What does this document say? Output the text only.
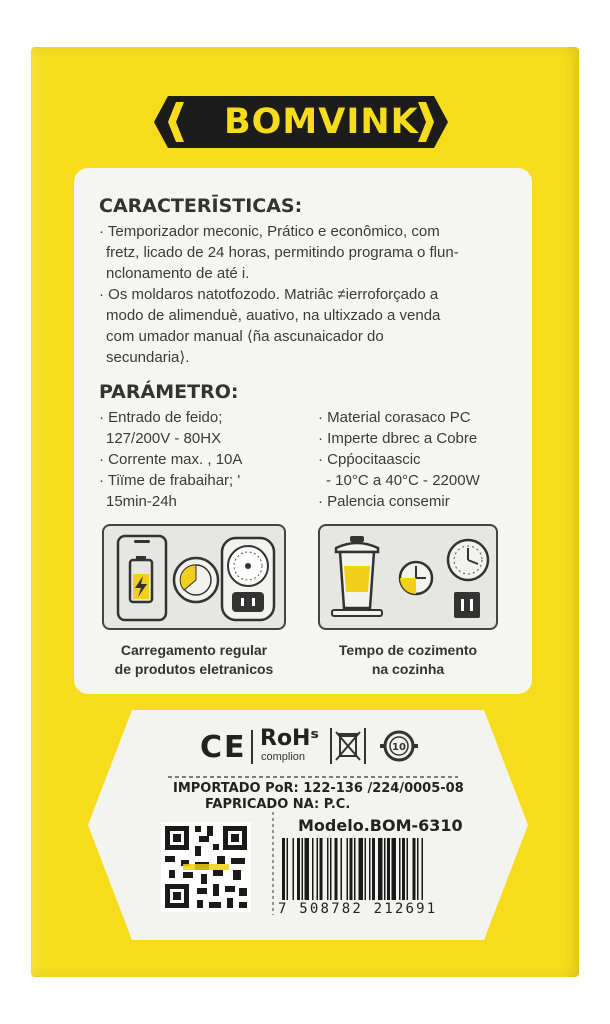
BOMVINK
CARACTERĪSTICAS:
· Temporizador meconic, Prático e econômico, com
fretz, licado de 24 horas, permitindo programa o flun-
nclonamento de até i.
· Os moldaros natotfozodo. Matriâc ≠ierroforçado a
modo de alimenduè, auativo, na ultixzado a venda
com umador manual ⟨ña ascunaicador do
secundaria⟩.
PARÁMETRO:
· Entrado de feido;
127/200V - 80HX
· Corrente max. , 10A
· Tiїme de frabaihar; '
15min-24h
· Material corasaco PC
· Imperte dbrec a Cobre
· Cpṕocitaascic
- 10°C a 40°C - 2200W
· Palencia consemir
Carregamento regular
de produtos eletranicos
Tempo de cozimento
na cozinha
CE RoHˢ
complion
10
IMPORTADO PoR: 122-136 /224/0005-08
FAPRICADO NA: P.C.
Modelo.BOM-6310
7 508782 212691
